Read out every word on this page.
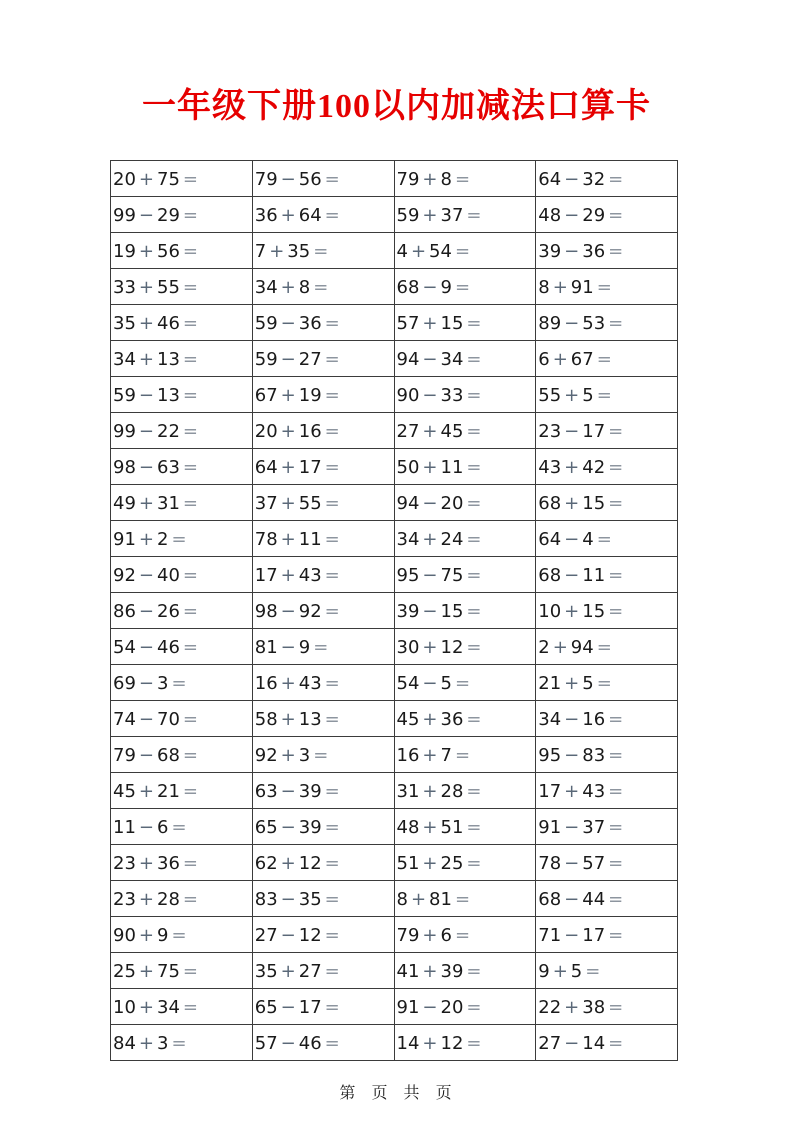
一年级下册100以内加减法口算卡
20 + 75 =	79 − 56 =	79 + 8 =	64 − 32 =
99 − 29 =	36 + 64 =	59 + 37 =	48 − 29 =
19 + 56 =	7 + 35 =	4 + 54 =	39 − 36 =
33 + 55 =	34 + 8 =	68 − 9 =	8 + 91 =
35 + 46 =	59 − 36 =	57 + 15 =	89 − 53 =
34 + 13 =	59 − 27 =	94 − 34 =	6 + 67 =
59 − 13 =	67 + 19 =	90 − 33 =	55 + 5 =
99 − 22 =	20 + 16 =	27 + 45 =	23 − 17 =
98 − 63 =	64 + 17 =	50 + 11 =	43 + 42 =
49 + 31 =	37 + 55 =	94 − 20 =	68 + 15 =
91 + 2 =	78 + 11 =	34 + 24 =	64 − 4 =
92 − 40 =	17 + 43 =	95 − 75 =	68 − 11 =
86 − 26 =	98 − 92 =	39 − 15 =	10 + 15 =
54 − 46 =	81 − 9 =	30 + 12 =	2 + 94 =
69 − 3 =	16 + 43 =	54 − 5 =	21 + 5 =
74 − 70 =	58 + 13 =	45 + 36 =	34 − 16 =
79 − 68 =	92 + 3 =	16 + 7 =	95 − 83 =
45 + 21 =	63 − 39 =	31 + 28 =	17 + 43 =
11 − 6 =	65 − 39 =	48 + 51 =	91 − 37 =
23 + 36 =	62 + 12 =	51 + 25 =	78 − 57 =
23 + 28 =	83 − 35 =	8 + 81 =	68 − 44 =
90 + 9 =	27 − 12 =	79 + 6 =	71 − 17 =
25 + 75 =	35 + 27 =	41 + 39 =	9 + 5 =
10 + 34 =	65 − 17 =	91 − 20 =	22 + 38 =
84 + 3 =	57 − 46 =	14 + 12 =	27 − 14 =
第 页 共 页
